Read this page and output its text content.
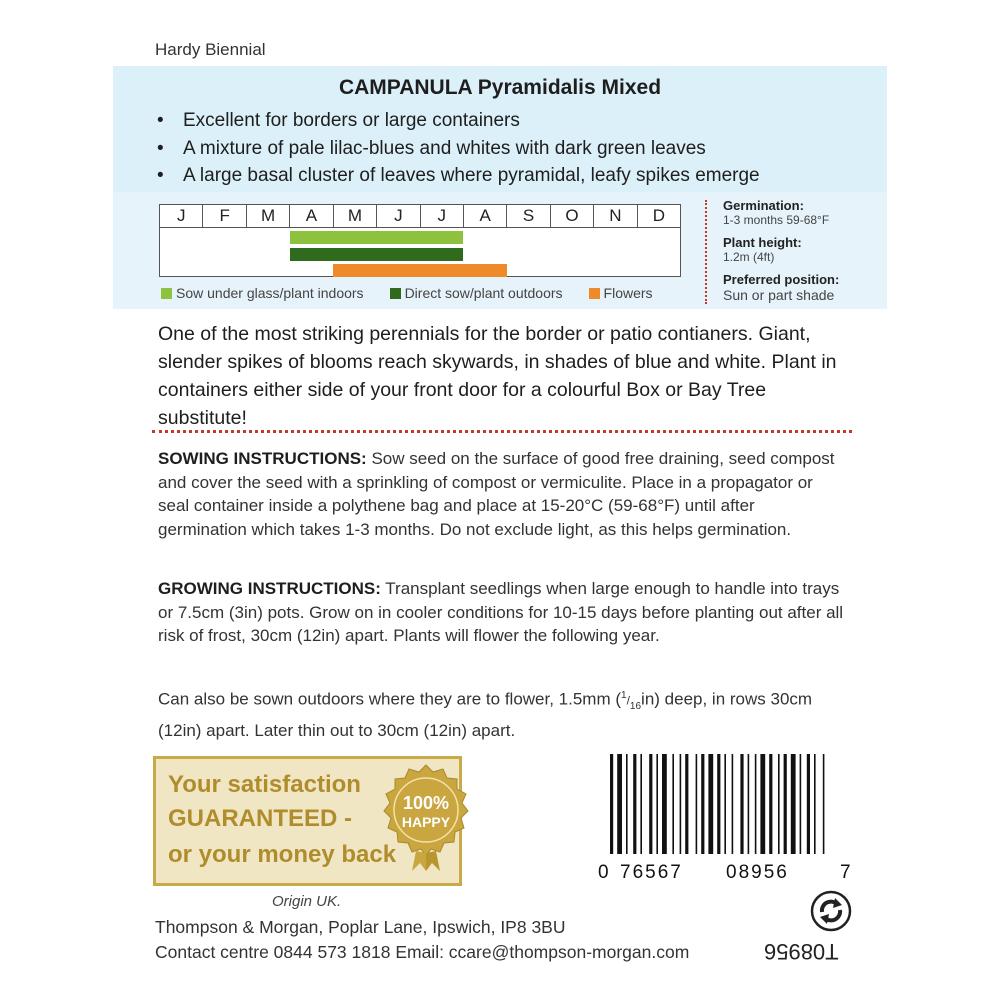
Hardy Biennial
CAMPANULA Pyramidalis Mixed
• Excellent for borders or large containers
• A mixture of pale lilac-blues and whites with dark green leaves
• A large basal cluster of leaves where pyramidal, leafy spikes emerge
J	F	M	A	M	J	J	A	S	O	N	D
Sow under glass/plant indoors	Direct sow/plant outdoors	Flowers
Germination:
1-3 months 59-68°F
Plant height:
1.2m (4ft)
Preferred position:
Sun or part shade

One of the most striking perennials for the border or patio contianers. Giant, slender spikes of blooms reach skywards, in shades of blue and white. Plant in containers either side of your front door for a colourful Box or Bay Tree substitute!

SOWING INSTRUCTIONS: Sow seed on the surface of good free draining, seed compost and cover the seed with a sprinkling of compost or vermiculite. Place in a propagator or seal container inside a polythene bag and place at 15-20°C (59-68°F) until after germination which takes 1-3 months. Do not exclude light, as this helps germination.

GROWING INSTRUCTIONS: Transplant seedlings when large enough to handle into trays or 7.5cm (3in) pots. Grow on in cooler conditions for 10-15 days before planting out after all risk of frost, 30cm (12in) apart. Plants will flower the following year.

Can also be sown outdoors where they are to flower, 1.5mm $(^1/_{16}in)$ deep, in rows 30cm (12in) apart. Later thin out to 30cm (12in) apart.

Your satisfaction
GUARANTEED -
or your money back
100%
HAPPY
0 76567 08956	7
Origin UK.
Thompson & Morgan, Poplar Lane, Ipswich, IP8 3BU
Contact centre 0844 573 1818 Email: ccare@thompson-morgan.com	T08956
